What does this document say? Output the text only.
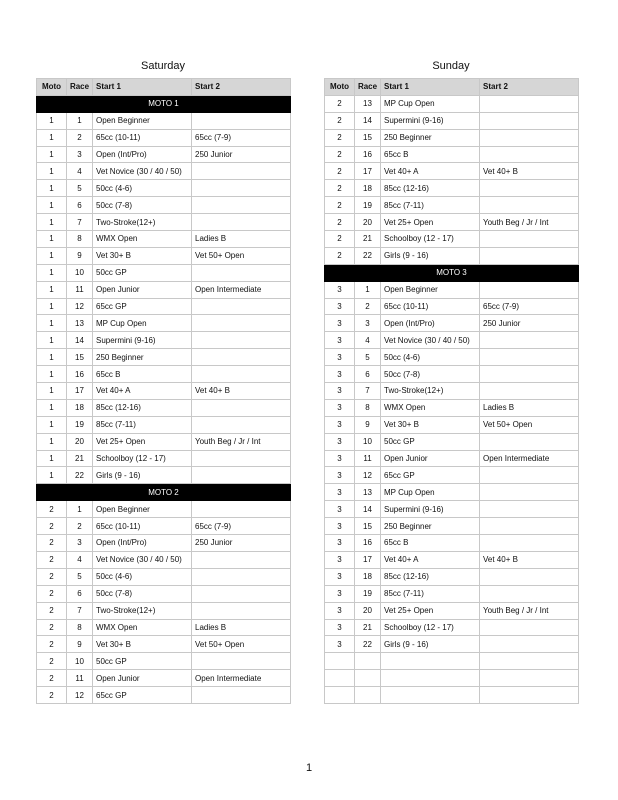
Saturday
Moto	Race	Start 1	Start 2
MOTO 1			
1	1	Open Beginner	
1	2	65cc (10-11)	65cc (7-9)
1	3	Open (Int/Pro)	250 Junior
1	4	Vet Novice (30 / 40 / 50)	
1	5	50cc (4-6)	
1	6	50cc (7-8)	
1	7	Two-Stroke(12+)	
1	8	WMX Open	Ladies B
1	9	Vet 30+ B	Vet 50+ Open
1	10	50cc GP	
1	11	Open Junior	Open Intermediate
1	12	65cc GP	
1	13	MP Cup Open	
1	14	Supermini (9-16)	
1	15	250 Beginner	
1	16	65cc B	
1	17	Vet 40+ A	Vet 40+ B
1	18	85cc (12-16)	
1	19	85cc (7-11)	
1	20	Vet 25+ Open	Youth Beg / Jr / Int
1	21	Schoolboy (12 - 17)	
1	22	Girls (9 - 16)	
MOTO 2			
2	1	Open Beginner	
2	2	65cc (10-11)	65cc (7-9)
2	3	Open (Int/Pro)	250 Junior
2	4	Vet Novice (30 / 40 / 50)	
2	5	50cc (4-6)	
2	6	50cc (7-8)	
2	7	Two-Stroke(12+)	
2	8	WMX Open	Ladies B
2	9	Vet 30+ B	Vet 50+ Open
2	10	50cc GP	
2	11	Open Junior	Open Intermediate
2	12	65cc GP	
Sunday
Moto	Race	Start 1	Start 2
2	13	MP Cup Open	
2	14	Supermini (9-16)	
2	15	250 Beginner	
2	16	65cc B	
2	17	Vet 40+ A	Vet 40+ B
2	18	85cc (12-16)	
2	19	85cc (7-11)	
2	20	Vet 25+ Open	Youth Beg / Jr / Int
2	21	Schoolboy (12 - 17)	
2	22	Girls (9 - 16)	
MOTO 3			
3	1	Open Beginner	
3	2	65cc (10-11)	65cc (7-9)
3	3	Open (Int/Pro)	250 Junior
3	4	Vet Novice (30 / 40 / 50)	
3	5	50cc (4-6)	
3	6	50cc (7-8)	
3	7	Two-Stroke(12+)	
3	8	WMX Open	Ladies B
3	9	Vet 30+ B	Vet 50+ Open
3	10	50cc GP	
3	11	Open Junior	Open Intermediate
3	12	65cc GP	
3	13	MP Cup Open	
3	14	Supermini (9-16)	
3	15	250 Beginner	
3	16	65cc B	
3	17	Vet 40+ A	Vet 40+ B
3	18	85cc (12-16)	
3	19	85cc (7-11)	
3	20	Vet 25+ Open	Youth Beg / Jr / Int
3	21	Schoolboy (12 - 17)	
3	22	Girls (9 - 16)	

1
